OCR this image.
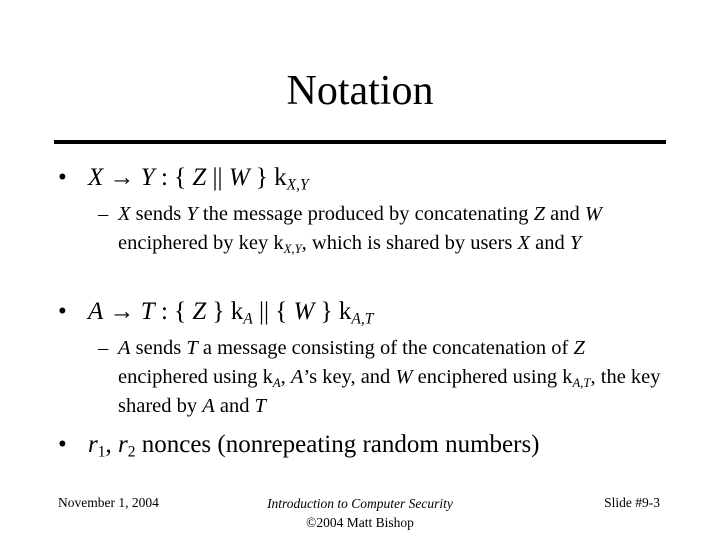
Notation
• X → Y : { Z || W } $k_{X,Y}$
– X sends Y the message produced by concatenating Z and W enciphered by key $k_{X,Y}$, which is shared by users X and Y
• A → T : { Z } $k_A$ || { W } $k_{A,T}$
– A sends T a message consisting of the concatenation of Z enciphered using $k_A$, A’s key, and W enciphered using $k_{A,T}$, the key shared by A and T
• $r_1$, $r_2$ nonces (nonrepeating random numbers)
November 1, 2004	Introduction to Computer Security
©2004 Matt Bishop
Slide #9-3
